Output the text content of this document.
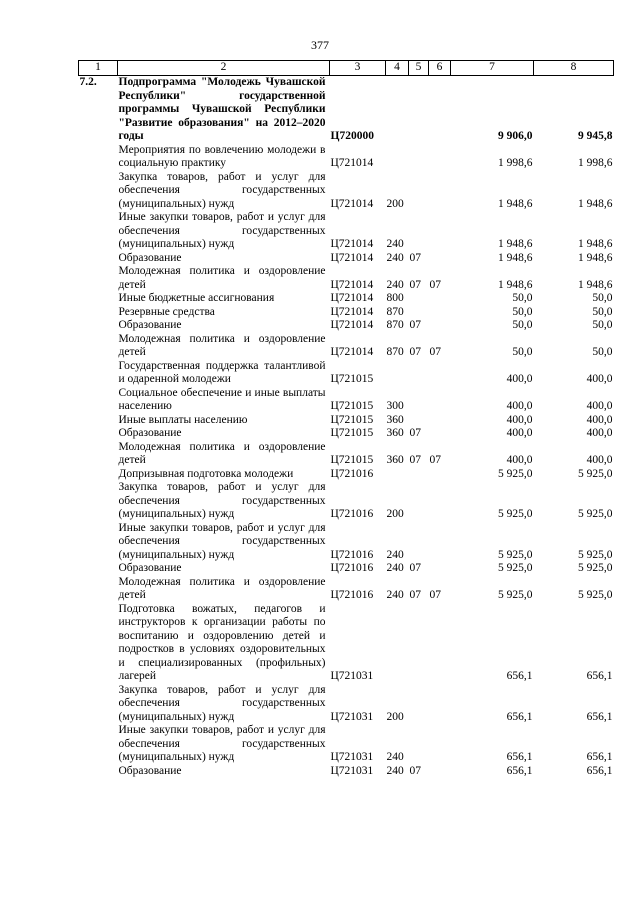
377
1	2	3	4	5	6	7	8
7.2.	Подпрограмма "Молодежь Чувашской Республики" государственной программы Чувашской Республики "Развитие образования" на 2012–2020 годы	Ц720000				9 906,0	9 945,8
	Мероприятия по вовлечению молодежи в социальную практику	Ц721014				1 998,6	1 998,6
	Закупка товаров, работ и услуг для обеспечения государственных (муниципальных) нужд	Ц721014	200			1 948,6	1 948,6
	Иные закупки товаров, работ и услуг для обеспечения государственных (муниципальных) нужд	Ц721014	240			1 948,6	1 948,6
	Образование	Ц721014	240	07		1 948,6	1 948,6
	Молодежная политика и оздоровление детей	Ц721014	240	07	07	1 948,6	1 948,6
	Иные бюджетные ассигнования	Ц721014	800			50,0	50,0
	Резервные средства	Ц721014	870			50,0	50,0
	Образование	Ц721014	870	07		50,0	50,0
	Молодежная политика и оздоровление детей	Ц721014	870	07	07	50,0	50,0
	Государственная поддержка талантливой и одаренной молодежи	Ц721015				400,0	400,0
	Социальное обеспечение и иные выплаты населению	Ц721015	300			400,0	400,0
	Иные выплаты населению	Ц721015	360			400,0	400,0
	Образование	Ц721015	360	07		400,0	400,0
	Молодежная политика и оздоровление детей	Ц721015	360	07	07	400,0	400,0
	Допризывная подготовка молодежи	Ц721016				5 925,0	5 925,0
	Закупка товаров, работ и услуг для обеспечения государственных (муниципальных) нужд	Ц721016	200			5 925,0	5 925,0
	Иные закупки товаров, работ и услуг для обеспечения государственных (муниципальных) нужд	Ц721016	240			5 925,0	5 925,0
	Образование	Ц721016	240	07		5 925,0	5 925,0
	Молодежная политика и оздоровление детей	Ц721016	240	07	07	5 925,0	5 925,0
	Подготовка вожатых, педагогов и инструкторов к организации работы по воспитанию и оздоровлению детей и подростков в условиях оздоровительных и специализированных (профильных) лагерей	Ц721031				656,1	656,1
	Закупка товаров, работ и услуг для обеспечения государственных (муниципальных) нужд	Ц721031	200			656,1	656,1
	Иные закупки товаров, работ и услуг для обеспечения государственных (муниципальных) нужд	Ц721031	240			656,1	656,1
	Образование	Ц721031	240	07		656,1	656,1
